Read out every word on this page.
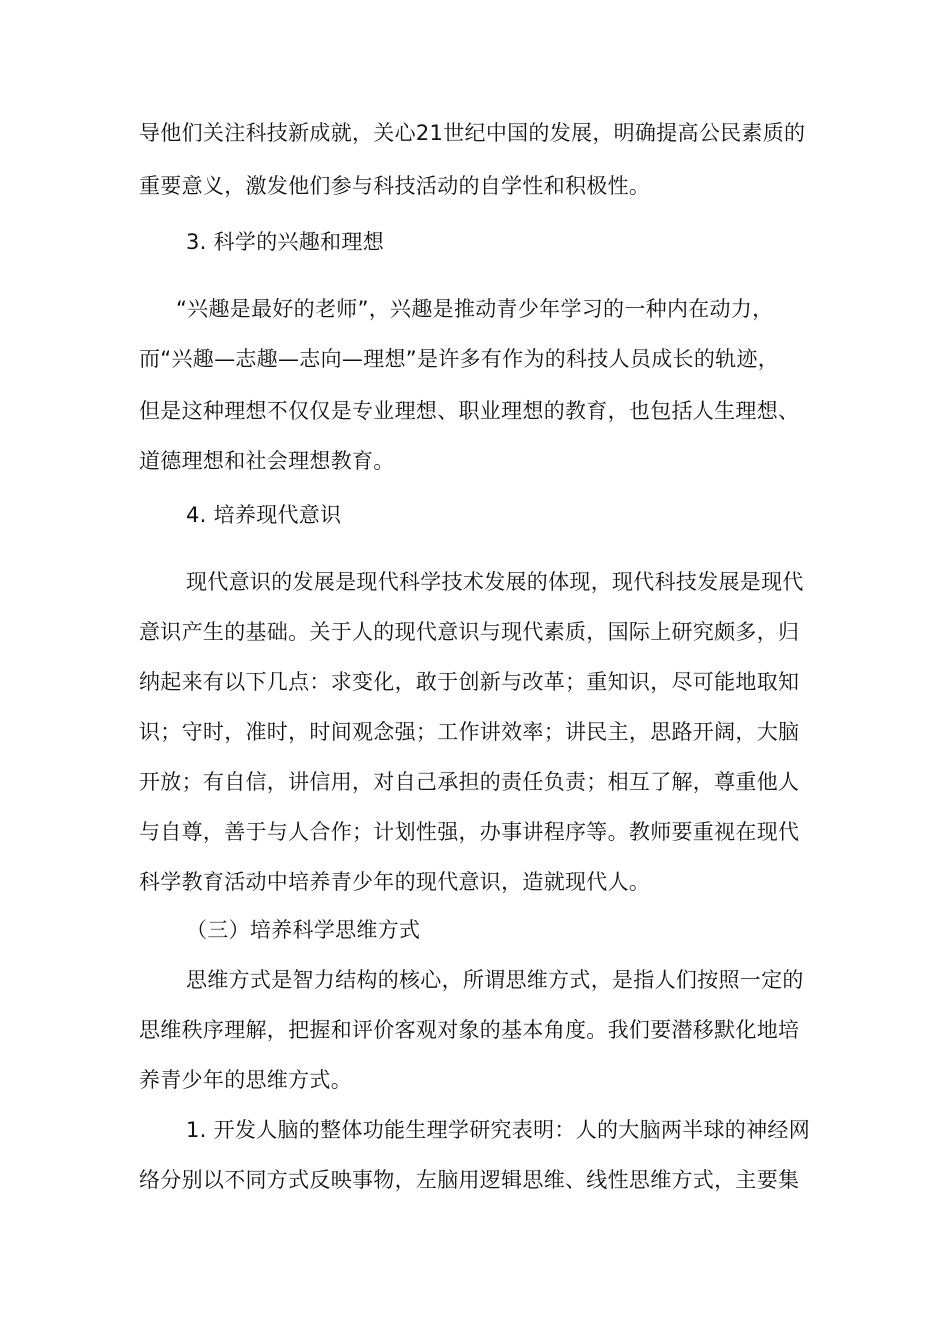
导他们关注科技新成就，关心21世纪中国的发展，明确提高公民素质的
重要意义，激发他们参与科技活动的自学性和积极性。
3. 科学的兴趣和理想
“兴趣是最好的老师”，兴趣是推动青少年学习的一种内在动力，
而“兴趣—志趣—志向—理想”是许多有作为的科技人员成长的轨迹，
但是这种理想不仅仅是专业理想、职业理想的教育，也包括人生理想、
道德理想和社会理想教育。
4. 培养现代意识
现代意识的发展是现代科学技术发展的体现，现代科技发展是现代
意识产生的基础。关于人的现代意识与现代素质，国际上研究颇多，归
纳起来有以下几点：求变化，敢于创新与改革；重知识，尽可能地取知
识；守时，准时，时间观念强；工作讲效率；讲民主，思路开阔，大脑
开放；有自信，讲信用，对自己承担的责任负责；相互了解，尊重他人
与自尊，善于与人合作；计划性强，办事讲程序等。教师要重视在现代
科学教育活动中培养青少年的现代意识，造就现代人。
（三）培养科学思维方式
思维方式是智力结构的核心，所谓思维方式，是指人们按照一定的
思维秩序理解，把握和评价客观对象的基本角度。我们要潜移默化地培
养青少年的思维方式。
1. 开发人脑的整体功能生理学研究表明：人的大脑两半球的神经网
络分别以不同方式反映事物，左脑用逻辑思维、线性思维方式，主要集
